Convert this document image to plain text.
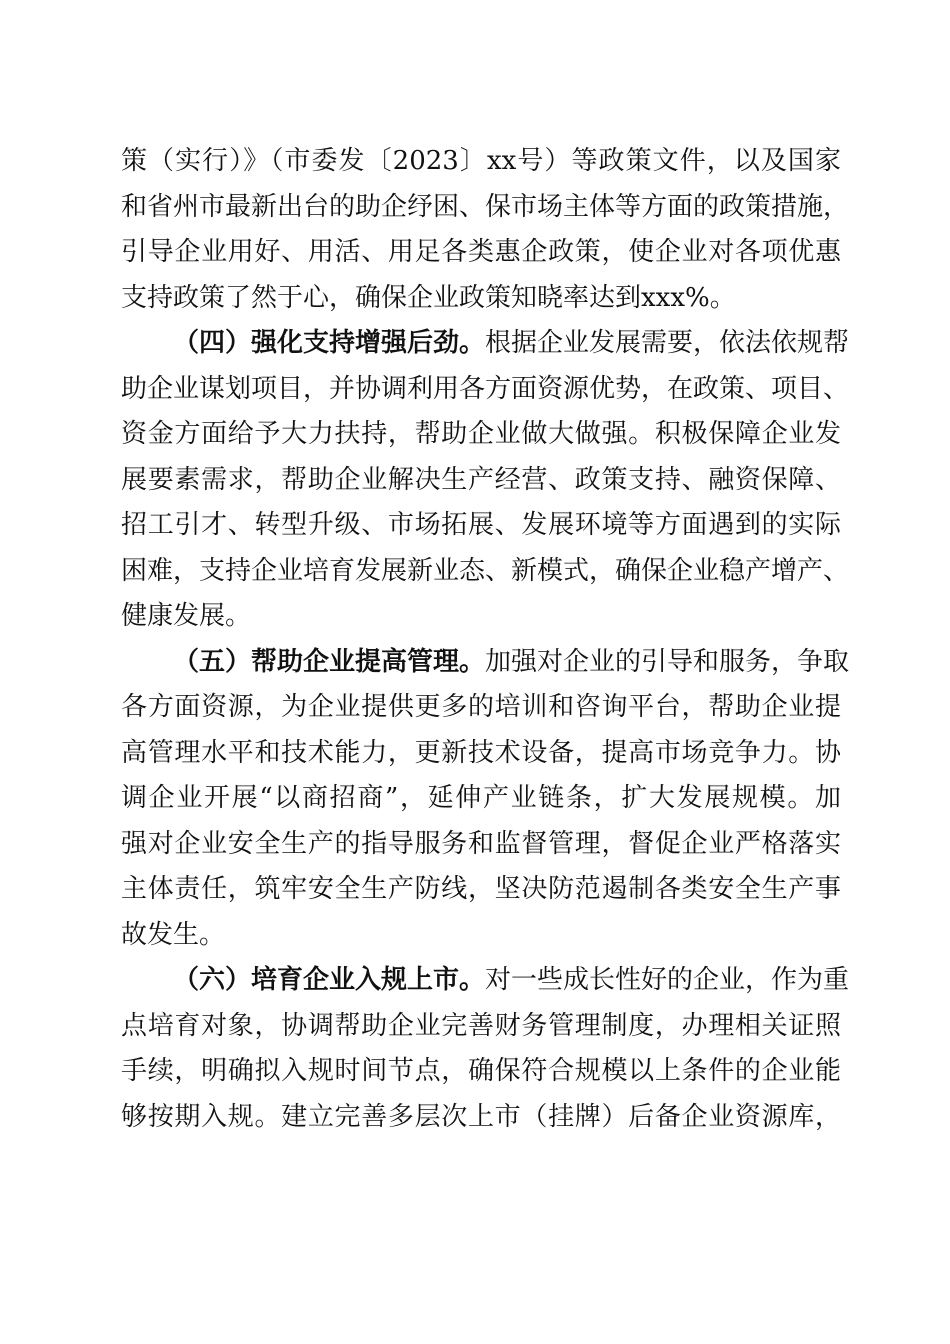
策（实行）》（市委发〔2023〕xx号）等政策文件，以及国家
和省州市最新出台的助企纾困、保市场主体等方面的政策措施，
引导企业用好、用活、用足各类惠企政策，使企业对各项优惠
支持政策了然于心，确保企业政策知晓率达到xxx%。
（四）强化支持增强后劲。根据企业发展需要，依法依规帮
助企业谋划项目，并协调利用各方面资源优势，在政策、项目、
资金方面给予大力扶持，帮助企业做大做强。积极保障企业发
展要素需求，帮助企业解决生产经营、政策支持、融资保障、
招工引才、转型升级、市场拓展、发展环境等方面遇到的实际
困难，支持企业培育发展新业态、新模式，确保企业稳产增产、
健康发展。
（五）帮助企业提高管理。加强对企业的引导和服务，争取
各方面资源，为企业提供更多的培训和咨询平台，帮助企业提
高管理水平和技术能力，更新技术设备，提高市场竞争力。协
调企业开展“以商招商”，延伸产业链条，扩大发展规模。加
强对企业安全生产的指导服务和监督管理，督促企业严格落实
主体责任，筑牢安全生产防线，坚决防范遏制各类安全生产事
故发生。
（六）培育企业入规上市。对一些成长性好的企业，作为重
点培育对象，协调帮助企业完善财务管理制度，办理相关证照
手续，明确拟入规时间节点，确保符合规模以上条件的企业能
够按期入规。建立完善多层次上市（挂牌）后备企业资源库，
